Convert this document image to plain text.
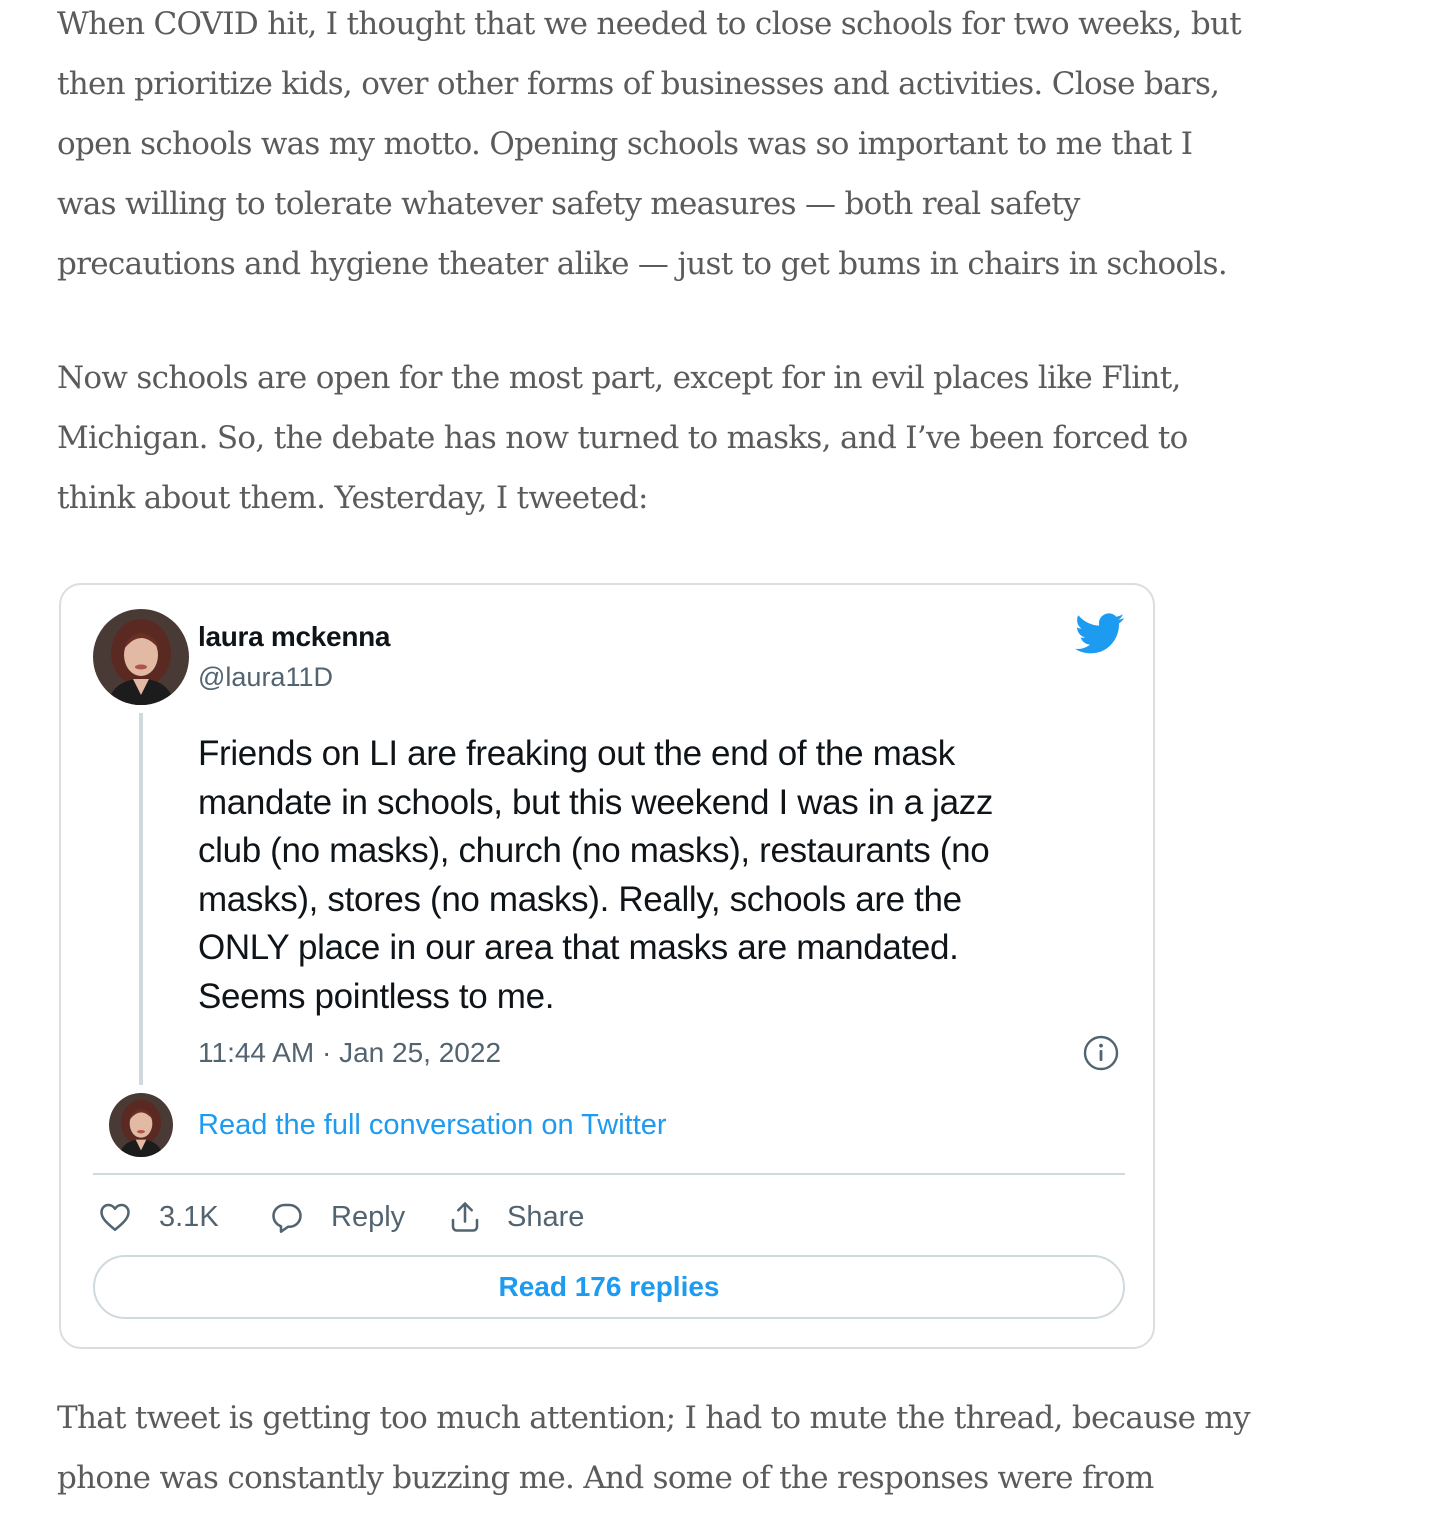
When COVID hit, I thought that we needed to close schools for two weeks, but
then prioritize kids, over other forms of businesses and activities. Close bars,
open schools was my motto. Opening schools was so important to me that I
was willing to tolerate whatever safety measures — both real safety
precautions and hygiene theater alike — just to get bums in chairs in schools.

Now schools are open for the most part, except for in evil places like Flint,
Michigan. So, the debate has now turned to masks, and I’ve been forced to
think about them. Yesterday, I tweeted:

laura mckenna
@laura11D
Friends on LI are freaking out the end of the mask
mandate in schools, but this weekend I was in a jazz
club (no masks), church (no masks), restaurants (no
masks), stores (no masks). Really, schools are the
ONLY place in our area that masks are mandated.
Seems pointless to me.
11:44 AM · Jan 25, 2022
Read the full conversation on Twitter
3.1K	Reply	Share
Read 176 replies

That tweet is getting too much attention; I had to mute the thread, because my
phone was constantly buzzing me. And some of the responses were from
